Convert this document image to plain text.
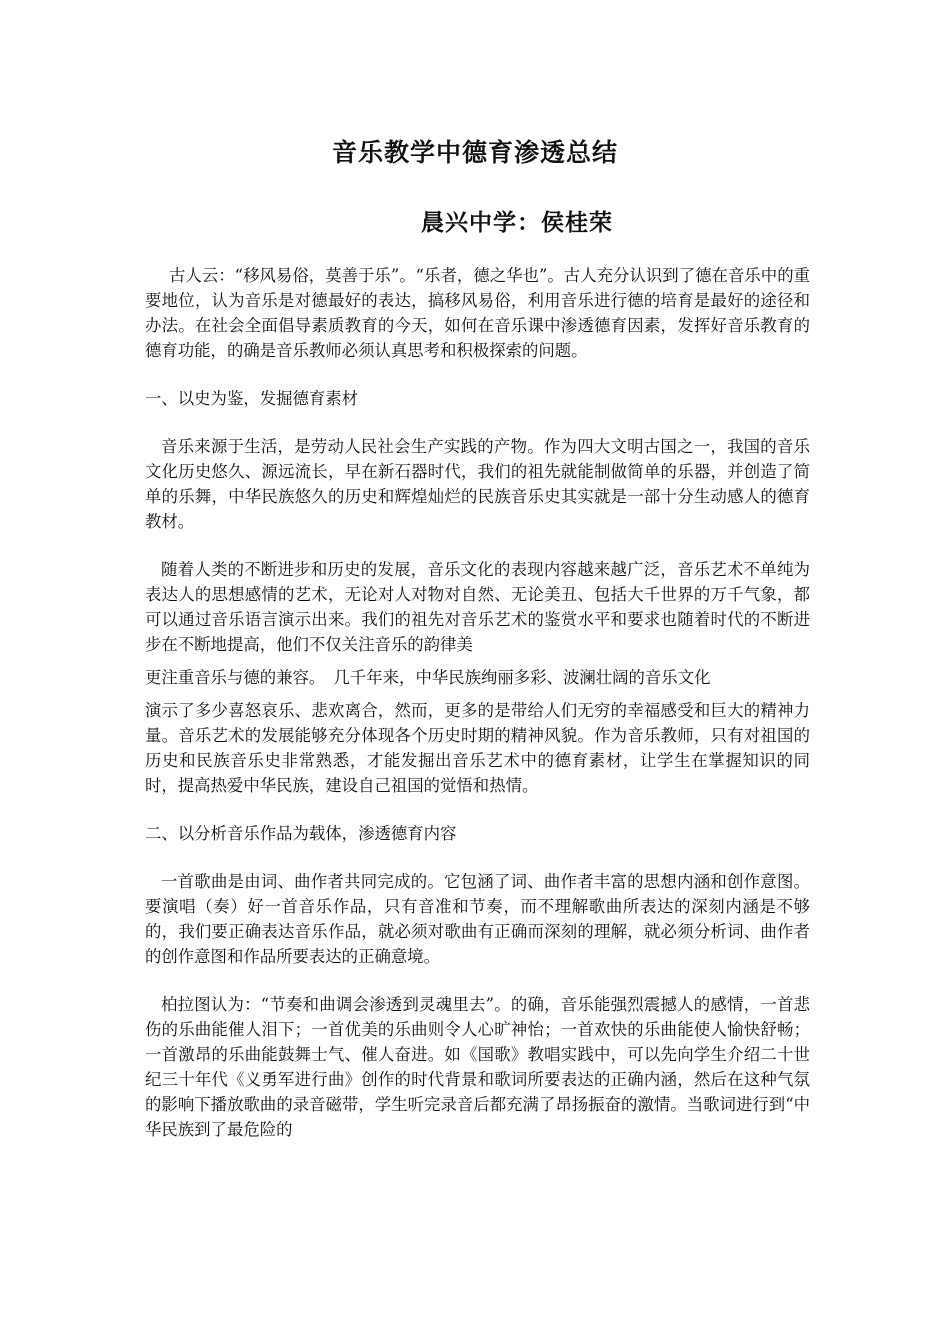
音乐教学中德育渗透总结
晨兴中学：侯桂荣

古人云：“移风易俗，莫善于乐”。“乐者，德之华也”。古人充分认识到了德在音乐中的重要地位，认为音乐是对德最好的表达，搞移风易俗，利用音乐进行德的培育是最好的途径和办法。在社会全面倡导素质教育的今天，如何在音乐课中渗透德育因素，发挥好音乐教育的德育功能，的确是音乐教师必须认真思考和积极探索的问题。

一、以史为鉴，发掘德育素材

音乐来源于生活，是劳动人民社会生产实践的产物。作为四大文明古国之一，我国的音乐文化历史悠久、源远流长，早在新石器时代，我们的祖先就能制做简单的乐器，并创造了简单的乐舞，中华民族悠久的历史和辉煌灿烂的民族音乐史其实就是一部十分生动感人的德育教材。

随着人类的不断进步和历史的发展，音乐文化的表现内容越来越广泛，音乐艺术不单纯为表达人的思想感情的艺术，无论对人对物对自然、无论美丑、包括大千世界的万千气象，都可以通过音乐语言演示出来。我们的祖先对音乐艺术的鉴赏水平和要求也随着时代的不断进步在不断地提高，他们不仅关注音乐的韵律美

更注重音乐与德的兼容。　几千年来，中华民族绚丽多彩、波澜壮阔的音乐文化

演示了多少喜怒哀乐、悲欢离合，然而，更多的是带给人们无穷的幸福感受和巨大的精神力量。音乐艺术的发展能够充分体现各个历史时期的精神风貌。作为音乐教师，只有对祖国的历史和民族音乐史非常熟悉，才能发掘出音乐艺术中的德育素材，让学生在掌握知识的同时，提高热爱中华民族，建设自己祖国的觉悟和热情。

二、以分析音乐作品为载体，渗透德育内容

一首歌曲是由词、曲作者共同完成的。它包涵了词、曲作者丰富的思想内涵和创作意图。要演唱（奏）好一首音乐作品，只有音准和节奏，而不理解歌曲所表达的深刻内涵是不够的，我们要正确表达音乐作品，就必须对歌曲有正确而深刻的理解，就必须分析词、曲作者的创作意图和作品所要表达的正确意境。

柏拉图认为：“节奏和曲调会渗透到灵魂里去”。的确，音乐能强烈震撼人的感情，一首悲伤的乐曲能催人泪下；一首优美的乐曲则令人心旷神怡；一首欢快的乐曲能使人愉快舒畅；一首激昂的乐曲能鼓舞士气、催人奋进。如《国歌》教唱实践中，可以先向学生介绍二十世纪三十年代《义勇军进行曲》创作的时代背景和歌词所要表达的正确内涵，然后在这种气氛的影响下播放歌曲的录音磁带，学生听完录音后都充满了昂扬振奋的激情。当歌词进行到“中华民族到了最危险的
